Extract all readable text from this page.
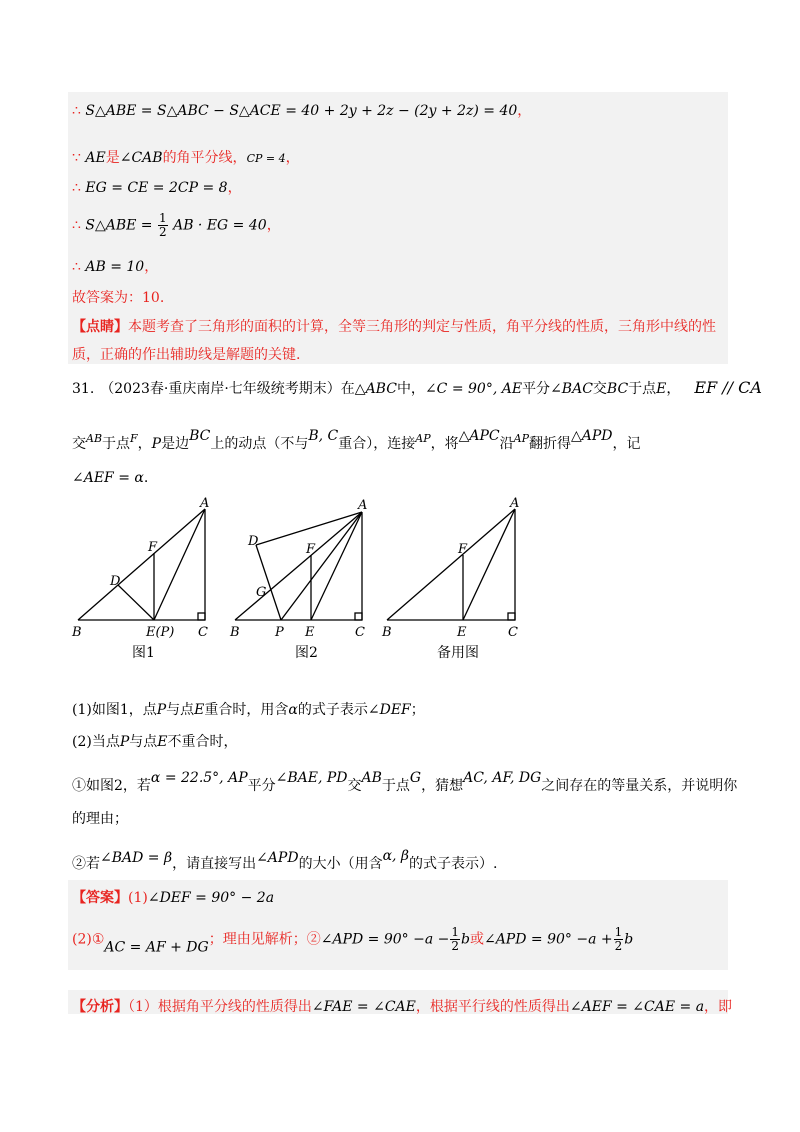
∴ S△ABE = S△ABC − S△ACE = 40 + 2y + 2z − (2y + 2z) = 40，
∵ AE是∠CAB的角平分线，CP = 4，
∴ EG = CE = 2CP = 8，
∴ S△ABE = $\frac{1}{2}$ AB · EG = 40，
∴ AB = 10，
故答案为：10.
【点睛】本题考查了三角形的面积的计算，全等三角形的判定与性质，角平分线的性质，三角形中线的性
质，正确的作出辅助线是解题的关键.
31. （2023春·重庆南岸·七年级统考期末）在△ABC中，∠C = 90°, AE平分∠BAC交BC于点E， EF // CA
交$^{AB}$于点$^F$，P是边BC上的动点（不与B, C重合），连接$^{AP}$，将△APC沿$^{AP}$翻折得△APD，记
∠AEF = α.
A
F
D
B	E(P) C
A
D
F
G
B	P E	C
A
F
B	E	C
图1	图2	备用图
(1)如图1，点P与点E重合时，用含α的式子表示∠DEF；
(2)当点P与点E不重合时，
①如图2，若α = 22.5°, AP平分∠BAE, PD交AB于点G，猜想AC, AF, DG之间存在的等量关系，并说明你
的理由；
②若∠BAD = β，请直接写出∠APD的大小（用含α, β的式子表示）.
【答案】(1)∠DEF = 90° − 2a
(2)①AC = AF + DG；理由见解析；②∠APD = $90^\circ -a - \frac{1}{2}$ b或∠APD = $90^\circ -a + \frac{1}{2}$ b
【分析】（1）根据角平分线的性质得出∠FAE = ∠CAE，根据平行线的性质得出∠AEF = ∠CAE = a，即
